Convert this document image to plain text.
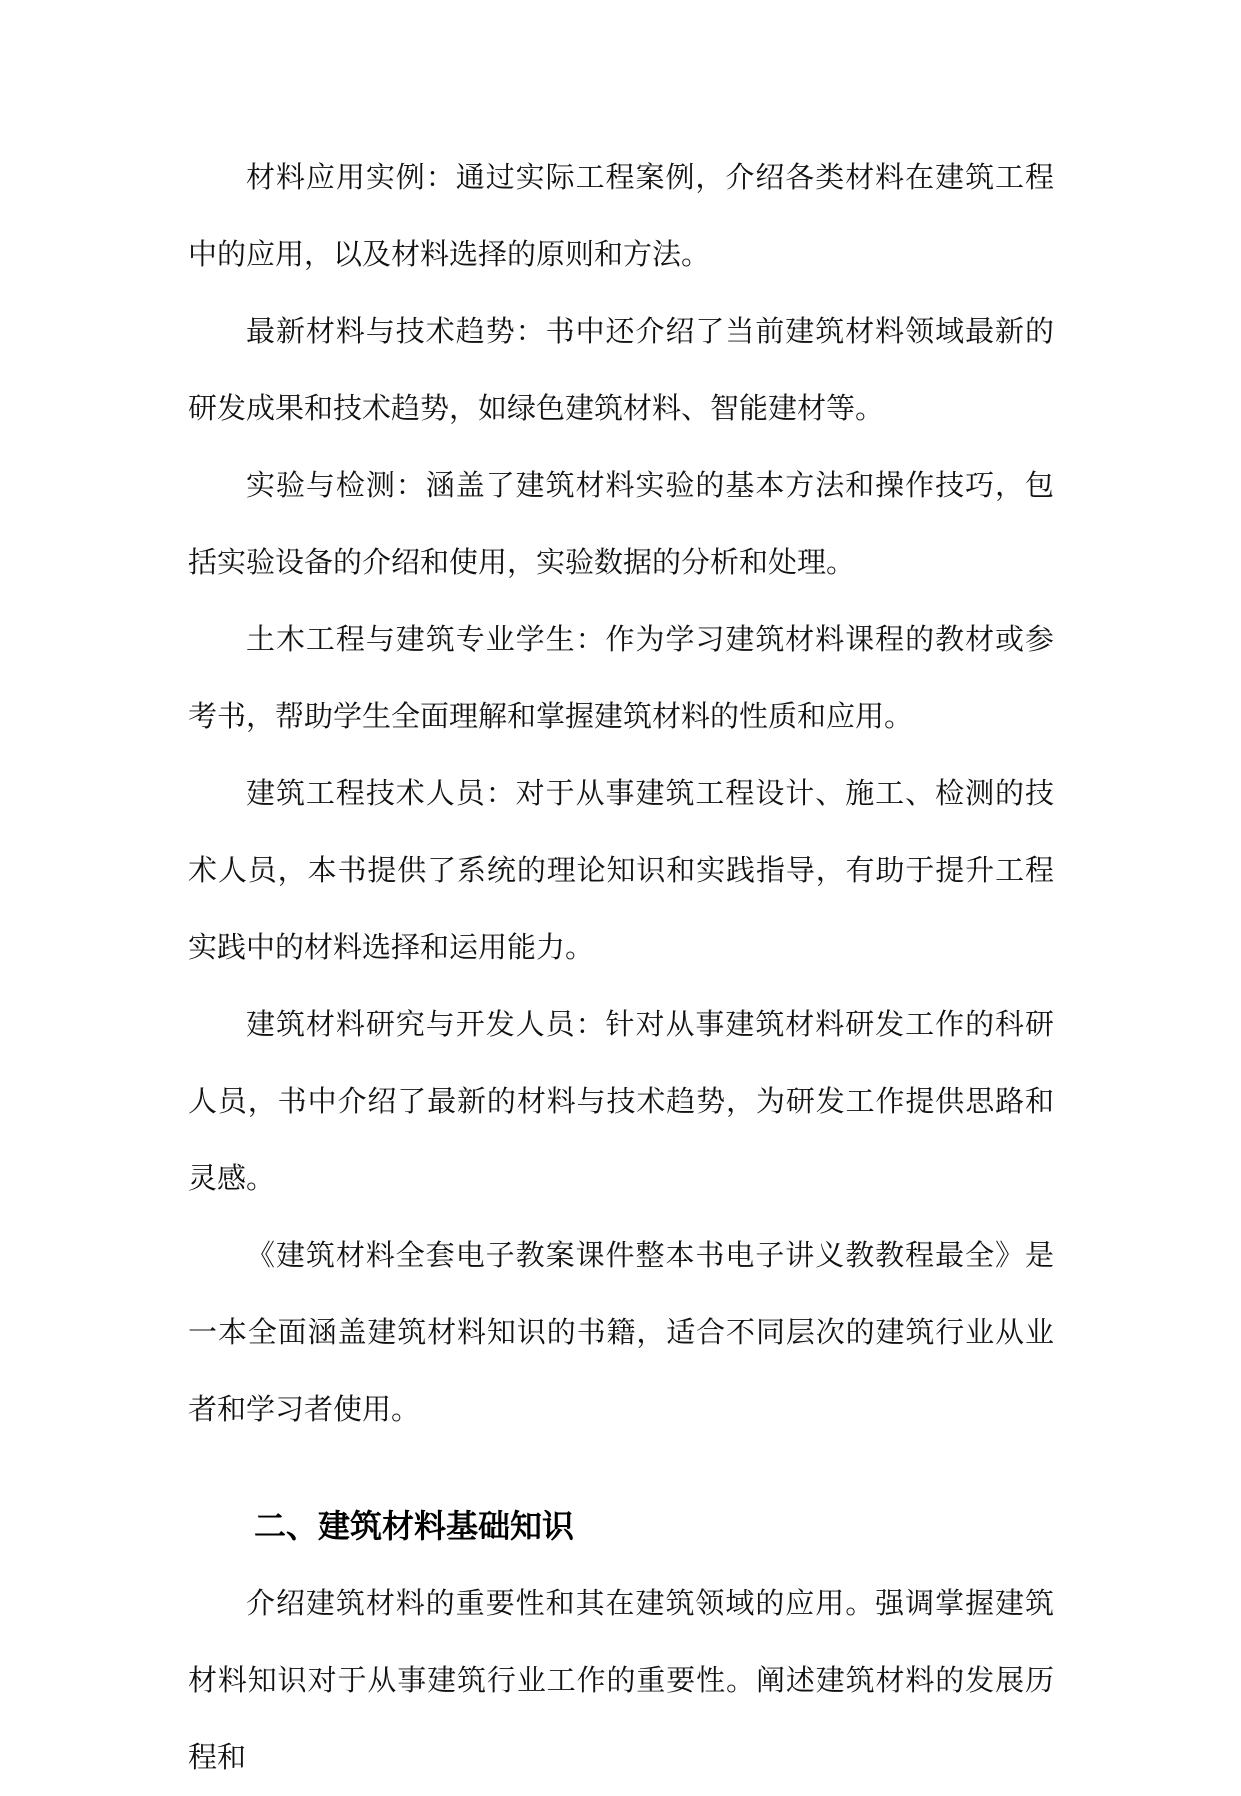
材料应用实例：通过实际工程案例，介绍各类材料在建筑工程中的应用，以及材料选择的原则和方法。

最新材料与技术趋势：书中还介绍了当前建筑材料领域最新的研发成果和技术趋势，如绿色建筑材料、智能建材等。

实验与检测：涵盖了建筑材料实验的基本方法和操作技巧，包括实验设备的介绍和使用，实验数据的分析和处理。

土木工程与建筑专业学生：作为学习建筑材料课程的教材或参考书，帮助学生全面理解和掌握建筑材料的性质和应用。

建筑工程技术人员：对于从事建筑工程设计、施工、检测的技术人员，本书提供了系统的理论知识和实践指导，有助于提升工程实践中的材料选择和运用能力。

建筑材料研究与开发人员：针对从事建筑材料研发工作的科研人员，书中介绍了最新的材料与技术趋势，为研发工作提供思路和灵感。

《建筑材料全套电子教案课件整本书电子讲义教教程最全》是一本全面涵盖建筑材料知识的书籍，适合不同层次的建筑行业从业者和学习者使用。

二、建筑材料基础知识

介绍建筑材料的重要性和其在建筑领域的应用。强调掌握建筑材料知识对于从事建筑行业工作的重要性。阐述建筑材料的发展历程和
